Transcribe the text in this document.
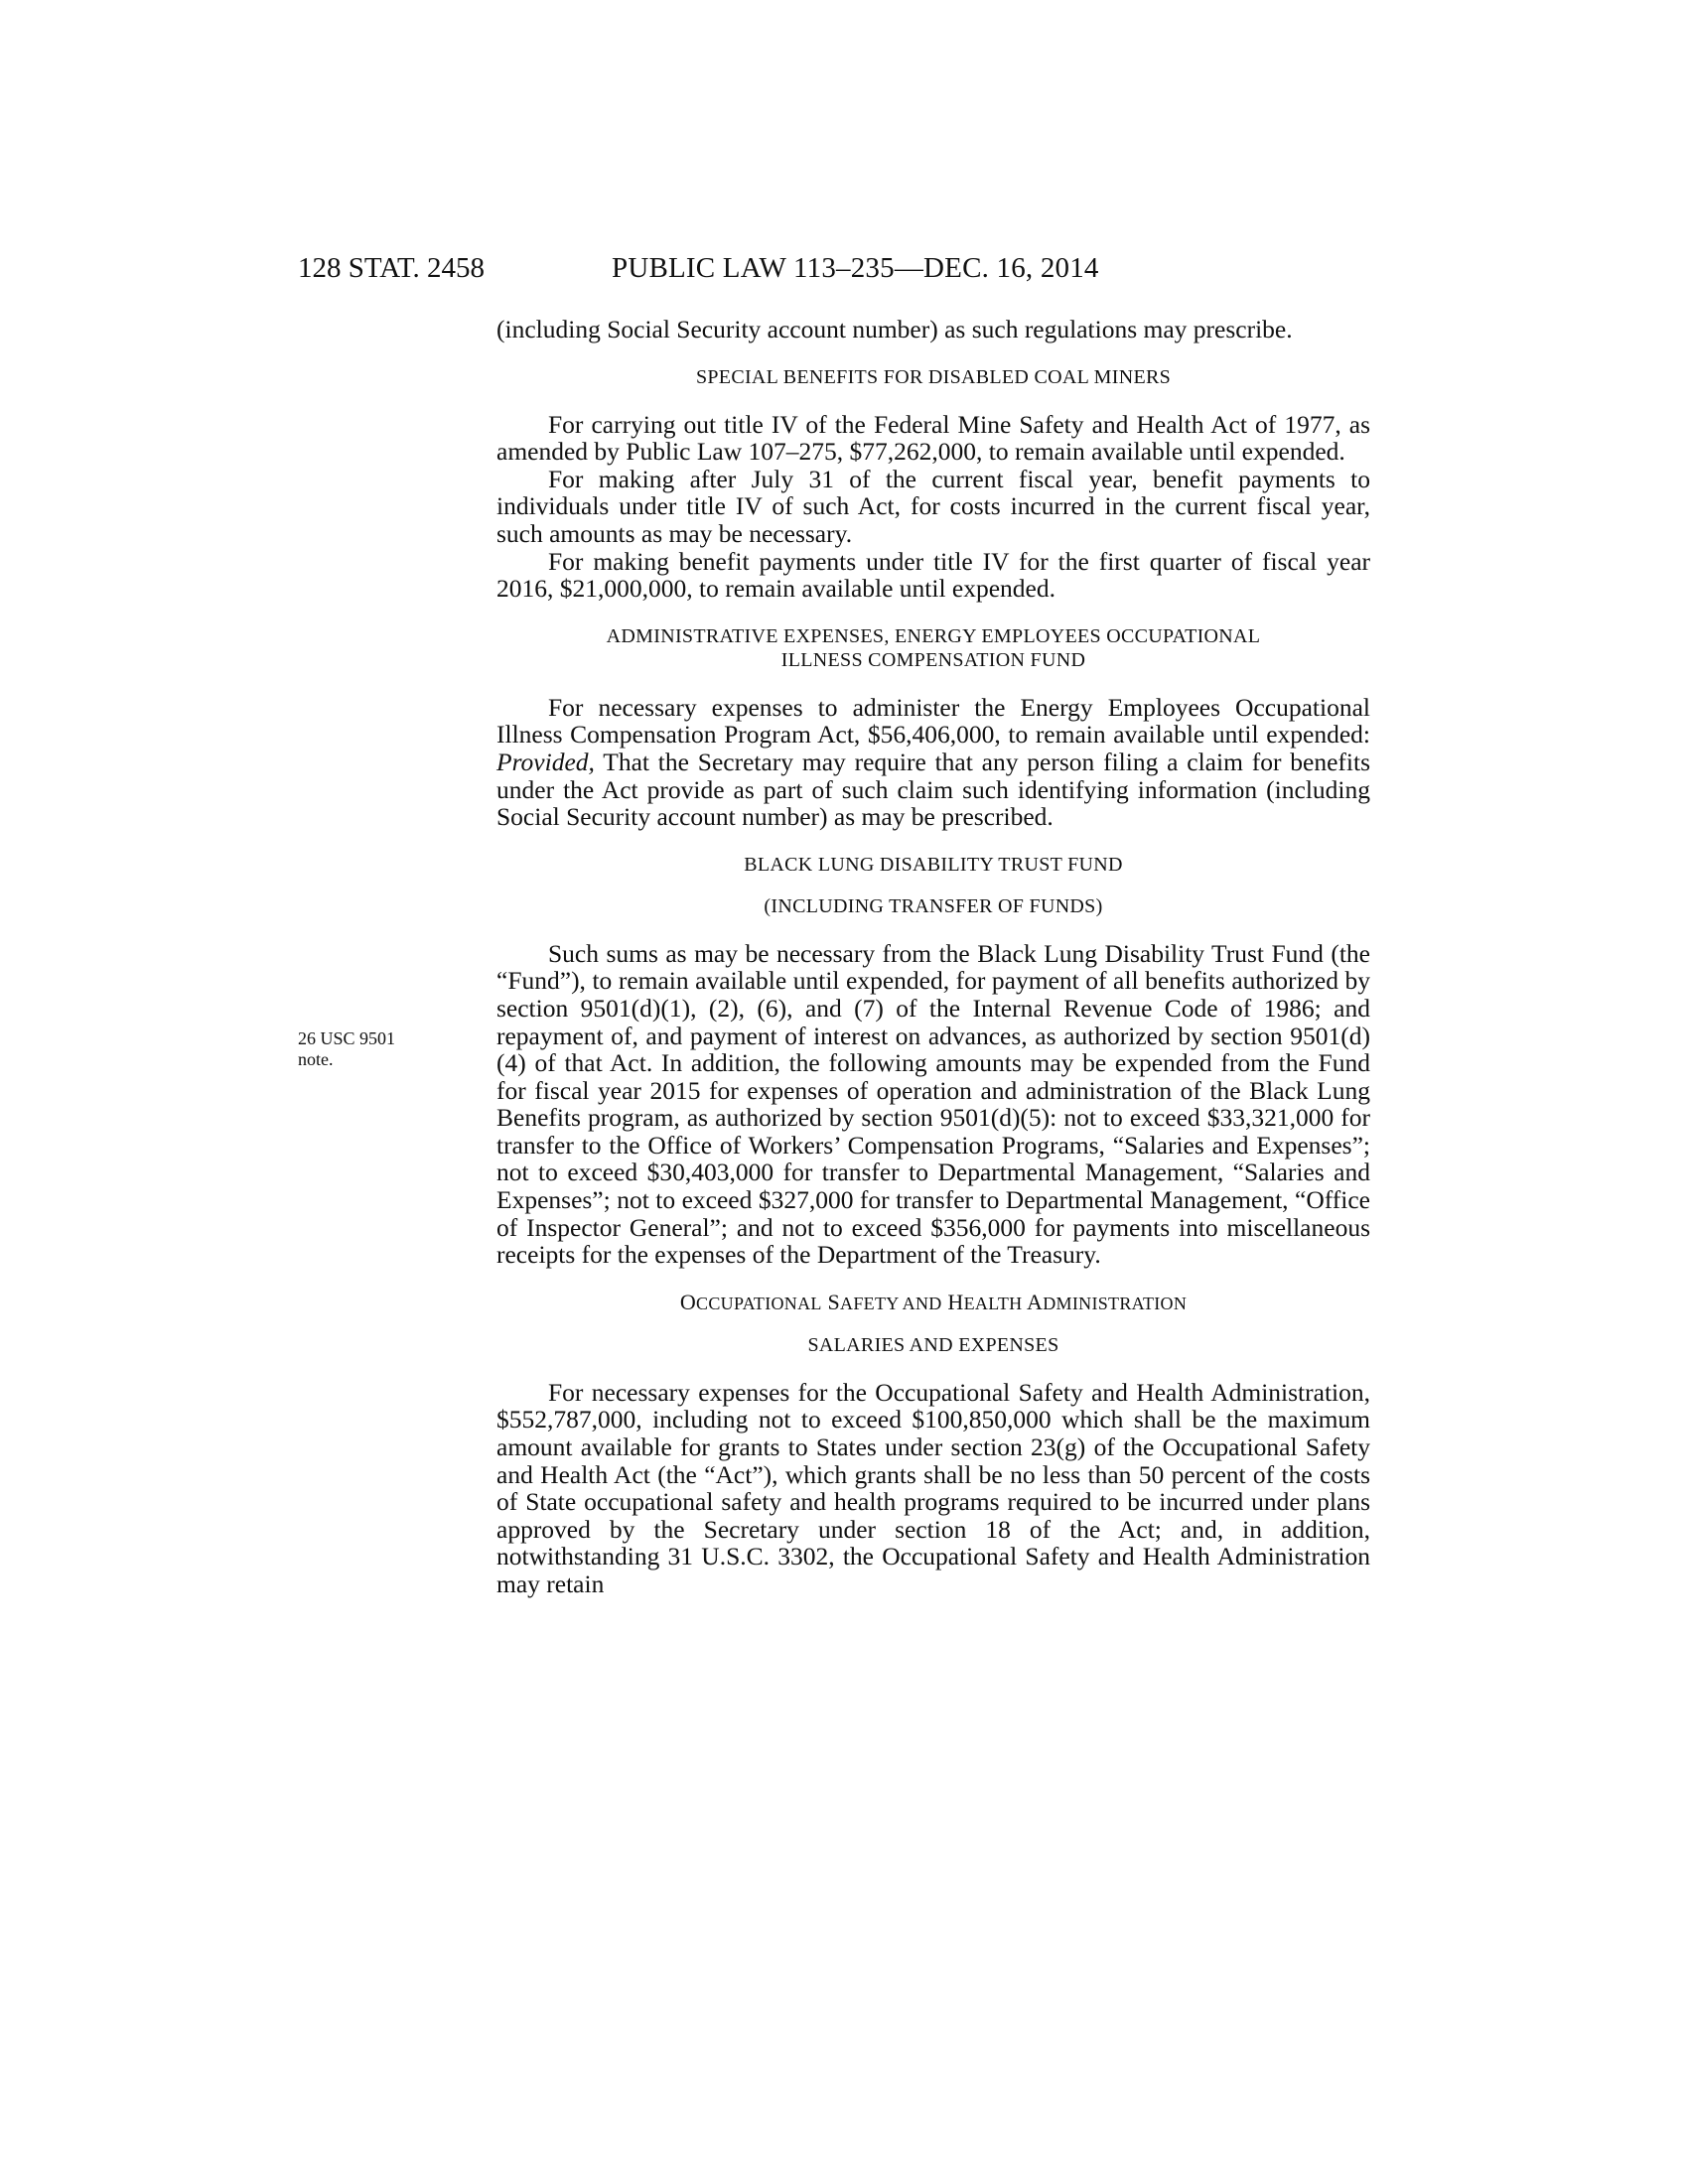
128 STAT. 2458	PUBLIC LAW 113–235—DEC. 16, 2014
26 USC 9501
note.

(including Social Security account number) as such regulations may prescribe.

SPECIAL BENEFITS FOR DISABLED COAL MINERS

For carrying out title IV of the Federal Mine Safety and Health Act of 1977, as amended by Public Law 107–275, $77,262,000, to remain available until expended.

For making after July 31 of the current fiscal year, benefit payments to individuals under title IV of such Act, for costs incurred in the current fiscal year, such amounts as may be necessary.

For making benefit payments under title IV for the first quarter of fiscal year 2016, $21,000,000, to remain available until expended.

ADMINISTRATIVE EXPENSES, ENERGY EMPLOYEES OCCUPATIONAL

ILLNESS COMPENSATION FUND

For necessary expenses to administer the Energy Employees Occupational Illness Compensation Program Act, $56,406,000, to remain available until expended: Provided, That the Secretary may require that any person filing a claim for benefits under the Act provide as part of such claim such identifying information (including Social Security account number) as may be prescribed.

BLACK LUNG DISABILITY TRUST FUND

(INCLUDING TRANSFER OF FUNDS)

Such sums as may be necessary from the Black Lung Disability Trust Fund (the “Fund”), to remain available until expended, for payment of all benefits authorized by section 9501(d)(1), (2), (6), and (7) of the Internal Revenue Code of 1986; and repayment of, and payment of interest on advances, as authorized by section 9501(d)(4) of that Act. In addition, the following amounts may be expended from the Fund for fiscal year 2015 for expenses of operation and administration of the Black Lung Benefits program, as authorized by section 9501(d)(5): not to exceed $33,321,000 for transfer to the Office of Workers’ Compensation Programs, “Salaries and Expenses”; not to exceed $30,403,000 for transfer to Departmental Management, “Salaries and Expenses”; not to exceed $327,000 for transfer to Departmental Management, “Office of Inspector General”; and not to exceed $356,000 for payments into miscellaneous receipts for the expenses of the Department of the Treasury.

OCCUPATIONAL SAFETY AND HEALTH ADMINISTRATION

SALARIES AND EXPENSES

For necessary expenses for the Occupational Safety and Health Administration, $552,787,000, including not to exceed $100,850,000 which shall be the maximum amount available for grants to States under section 23(g) of the Occupational Safety and Health Act (the “Act”), which grants shall be no less than 50 percent of the costs of State occupational safety and health programs required to be incurred under plans approved by the Secretary under section 18 of the Act; and, in addition, notwithstanding 31 U.S.C. 3302, the Occupational Safety and Health Administration may retain
